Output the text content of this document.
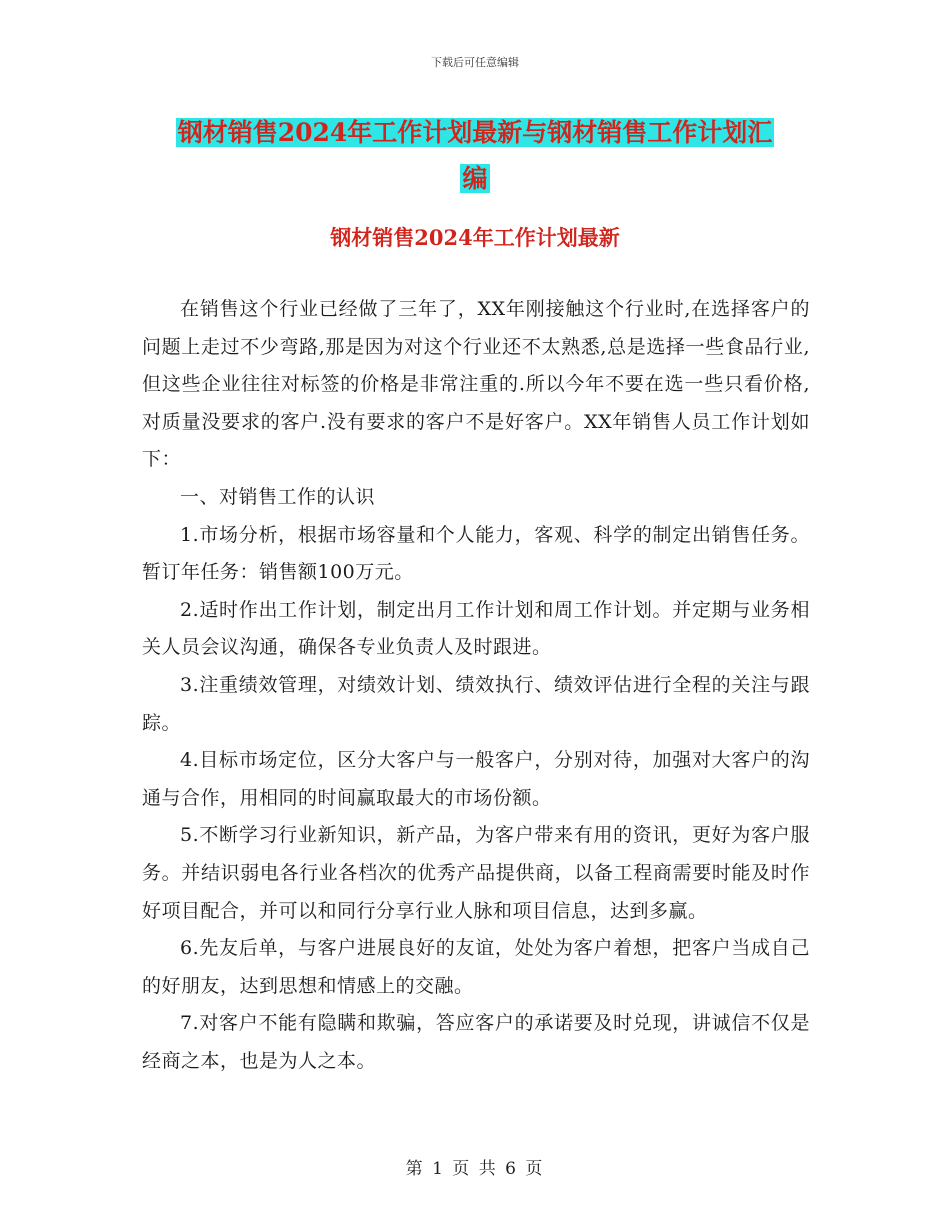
下载后可任意编辑
钢材销售2024年工作计划最新与钢材销售工作计划汇
编
钢材销售2024年工作计划最新

在销售这个行业已经做了三年了，XX年刚接触这个行业时,在选择客户的问题上走过不少弯路,那是因为对这个行业还不太熟悉,总是选择一些食品行业,但这些企业往往对标签的价格是非常注重的.所以今年不要在选一些只看价格,对质量没要求的客户.没有要求的客户不是好客户。XX年销售人员工作计划如下：

一、对销售工作的认识

1.市场分析，根据市场容量和个人能力，客观、科学的制定出销售任务。暂订年任务：销售额100万元。

2.适时作出工作计划，制定出月工作计划和周工作计划。并定期与业务相关人员会议沟通，确保各专业负责人及时跟进。

3.注重绩效管理，对绩效计划、绩效执行、绩效评估进行全程的关注与跟踪。

4.目标市场定位，区分大客户与一般客户，分别对待，加强对大客户的沟通与合作，用相同的时间赢取最大的市场份额。

5.不断学习行业新知识，新产品，为客户带来有用的资讯，更好为客户服务。并结识弱电各行业各档次的优秀产品提供商，以备工程商需要时能及时作好项目配合，并可以和同行分享行业人脉和项目信息，达到多赢。

6.先友后单，与客户进展良好的友谊，处处为客户着想，把客户当成自己的好朋友，达到思想和情感上的交融。

7.对客户不能有隐瞒和欺骗，答应客户的承诺要及时兑现，讲诚信不仅是经商之本，也是为人之本。

第 1 页 共 6 页
